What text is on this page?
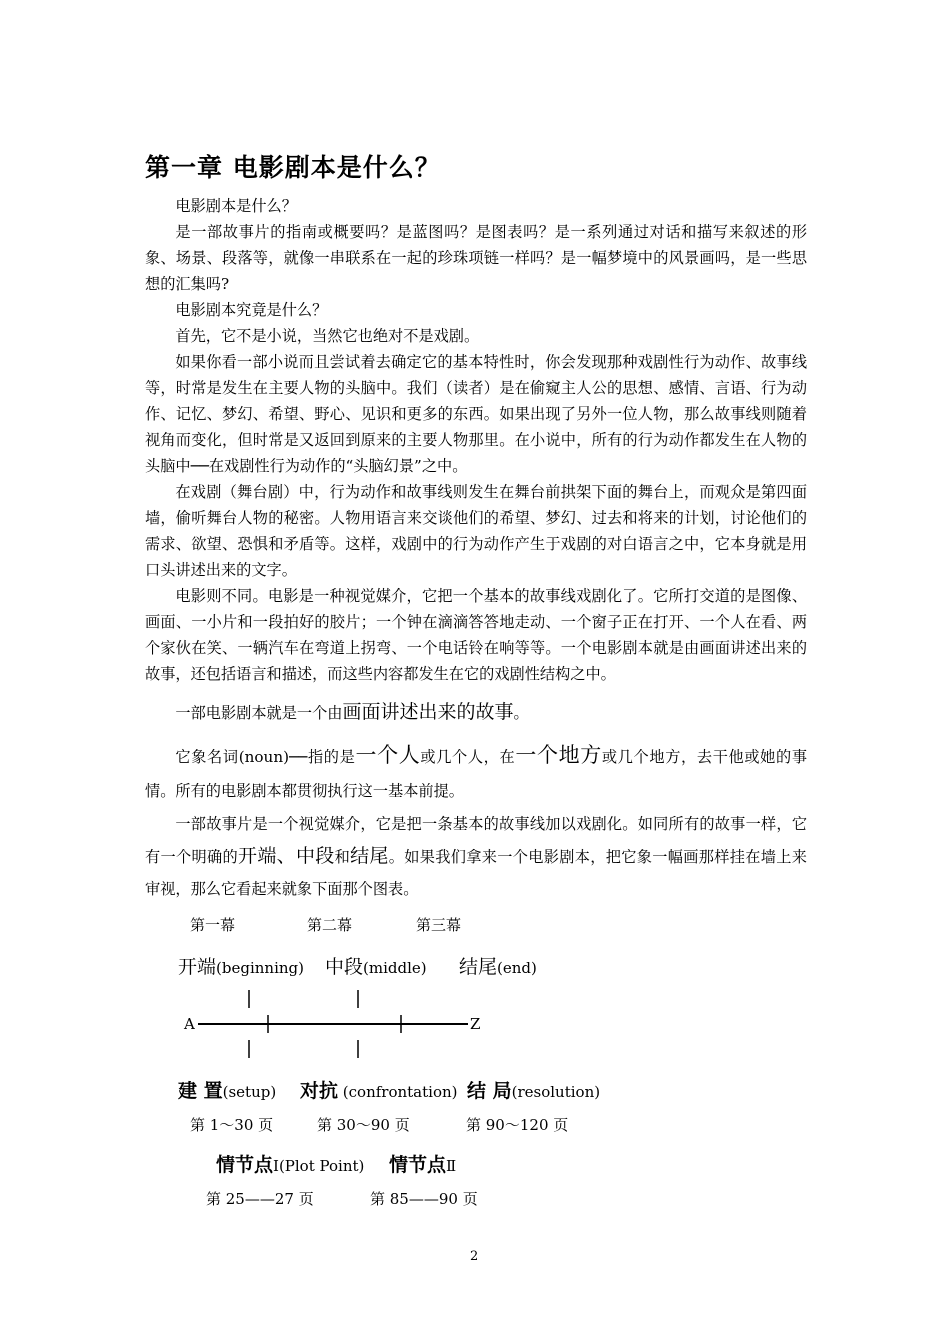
第一章 电影剧本是什么？

电影剧本是什么？

是一部故事片的指南或概要吗？是蓝图吗？是图表吗？是一系列通过对话和描写来叙述的形象、场景、段落等，就像一串联系在一起的珍珠项链一样吗？是一幅梦境中的风景画吗，是一些思想的汇集吗?

电影剧本究竟是什么？

首先，它不是小说，当然它也绝对不是戏剧。

如果你看一部小说而且尝试着去确定它的基本特性时，你会发现那种戏剧性行为动作、故事线等，时常是发生在主要人物的头脑中。我们（读者）是在偷窥主人公的思想、感情、言语、行为动作、记忆、梦幻、希望、野心、见识和更多的东西。如果出现了另外一位人物，那么故事线则随着视角而变化，但时常是又返回到原来的主要人物那里。在小说中，所有的行为动作都发生在人物的头脑中──在戏剧性行为动作的“头脑幻景”之中。

在戏剧（舞台剧）中，行为动作和故事线则发生在舞台前拱架下面的舞台上，而观众是第四面墙，偷听舞台人物的秘密。人物用语言来交谈他们的希望、梦幻、过去和将来的计划，讨论他们的需求、欲望、恐惧和矛盾等。这样，戏剧中的行为动作产生于戏剧的对白语言之中，它本身就是用口头讲述出来的文字。

电影则不同。电影是一种视觉媒介，它把一个基本的故事线戏剧化了。它所打交道的是图像、画面、一小片和一段拍好的胶片；一个钟在滴滴答答地走动、一个窗子正在打开、一个人在看、两个家伙在笑、一辆汽车在弯道上拐弯、一个电话铃在响等等。一个电影剧本就是由画面讲述出来的故事，还包括语言和描述，而这些内容都发生在它的戏剧性结构之中。

一部电影剧本就是一个由画面讲述出来的故事。

它象名词(noun)──指的是一个人或几个人，在一个地方或几个地方，去干他或她的事情。所有的电影剧本都贯彻执行这一基本前提。

一部故事片是一个视觉媒介，它是把一条基本的故事线加以戏剧化。如同所有的故事一样，它有一个明确的开端、中段和结尾。如果我们拿来一个电影剧本，把它象一幅画那样挂在墙上来审视，那么它看起来就象下面那个图表。

第一幕	第二幕	第三幕
开端(beginning) 中段(middle) 结尾(end)
A	Z
建 置(setup) 对抗 (confrontation) 结 局(resolution)
第 1～30 页	第 30～90 页	第 90～120 页
情节点Ⅰ(Plot Point) 情节点Ⅱ
第 25——27 页	第 85——90 页
2
